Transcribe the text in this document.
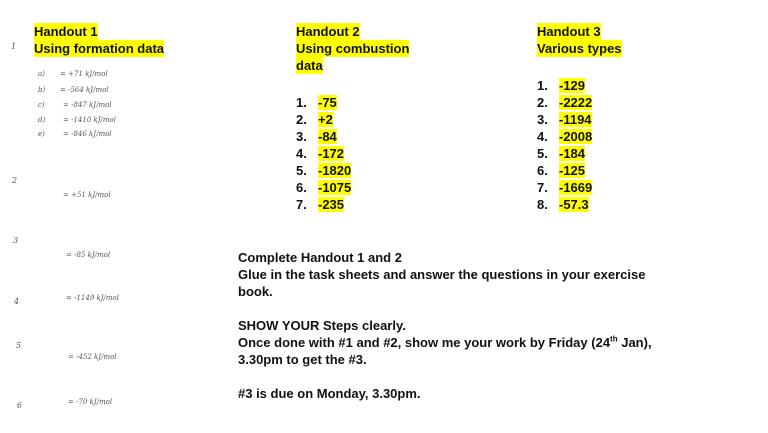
Handout 1
Using formation data
Handout 2
Using combustion
data
Handout 3
Various types
1. -75
2. +2
3. -84
4. -172
5. -1820
6. -1075
7. -235
1. -129
2. -2222
3. -1194
4. -2008
5. -184
6. -125
7. -1669
8. -57.3
1
2
3
4
5
6
a) = +71 kJ/mol
b) = -564 kJ/mol
c)	= -847 kJ/mol
d)	= -1410 kJ/mol
e)	= -846 kJ/mol
= +51 kJ/mol
= -85 kJ/mol
= -1149 kJ/mol
= -452 kJ/mol
= -70 kJ/mol
Complete Handout 1 and 2
Glue in the task sheets and answer the questions in your exercise
book.
SHOW YOUR Steps clearly.
Once done with #1 and #2, show me your work by Friday (24th Jan),
3.30pm to get the #3.
#3 is due on Monday, 3.30pm.
